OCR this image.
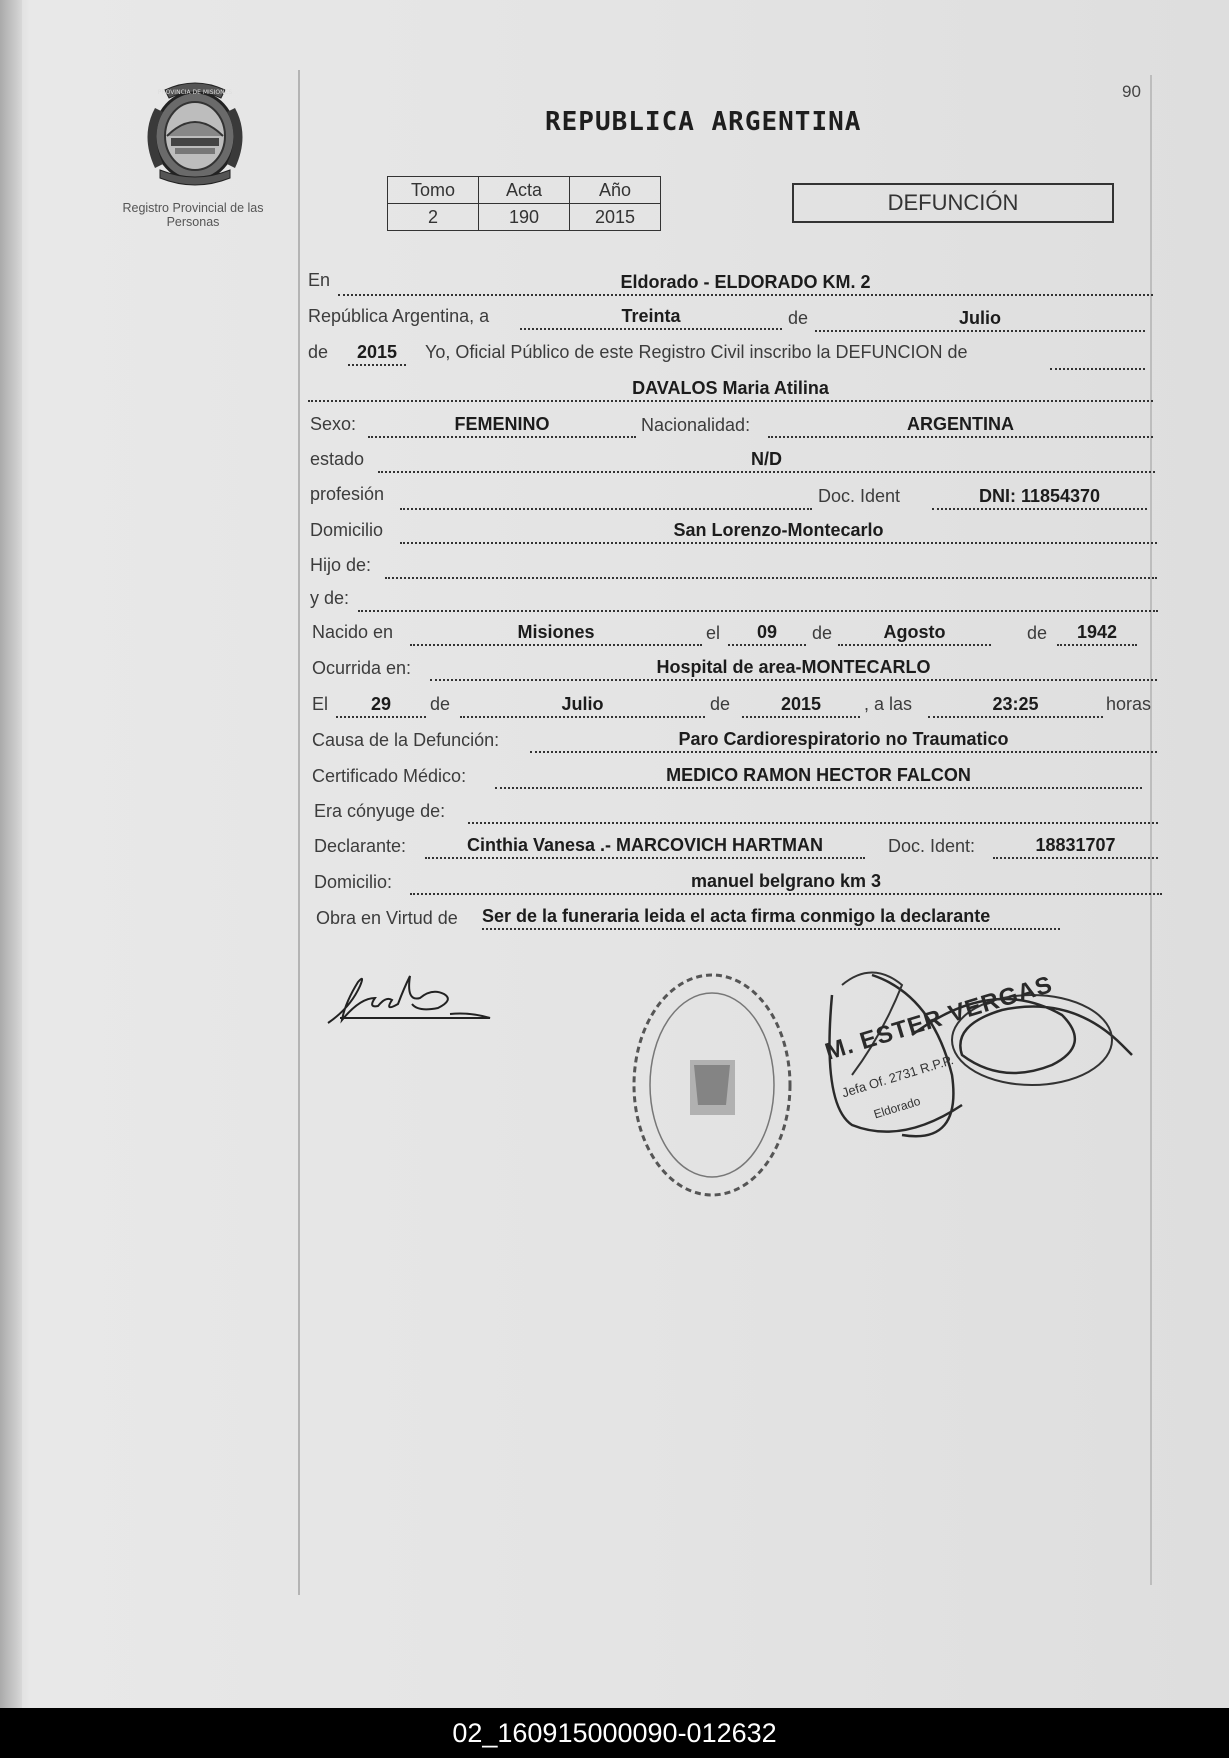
PROVINCIA DE MISIONES
Registro Provincial de las Personas
90
REPUBLICA ARGENTINA
Tomo	Acta	Año
2	190	2015
DEFUNCIÓN
En	Eldorado - ELDORADO KM. 2
República Argentina, a	Treinta	de	Julio
de	2015	Yo, Oficial Público de este Registro Civil inscribo la DEFUNCION de
DAVALOS Maria Atilina
Sexo:	FEMENINO	Nacionalidad:	ARGENTINA
estado	N/D
profesión	Doc. Ident	DNI: 11854370
Domicilio	San Lorenzo-Montecarlo
Hijo de:
y de:
Nacido en	Misiones	el	09	de	Agosto	de	1942
Ocurrida en:	Hospital de area-MONTECARLO
El	29	de	Julio	de	2015	, a las	23:25	horas
Causa de la Defunción:	Paro Cardiorespiratorio no Traumatico
Certificado Médico:	MEDICO RAMON HECTOR FALCON
Era cónyuge de:
Declarante:	Cinthia Vanesa .- MARCOVICH HARTMAN	Doc. Ident:	18831707
Domicilio:	manuel belgrano km 3
Obra en Virtud de Ser de la funeraria leida el acta firma conmigo la declarante
M. ESTER VERGAS
Jefa Of. 2731 R.P.P.
Eldorado
02_160915000090-012632
